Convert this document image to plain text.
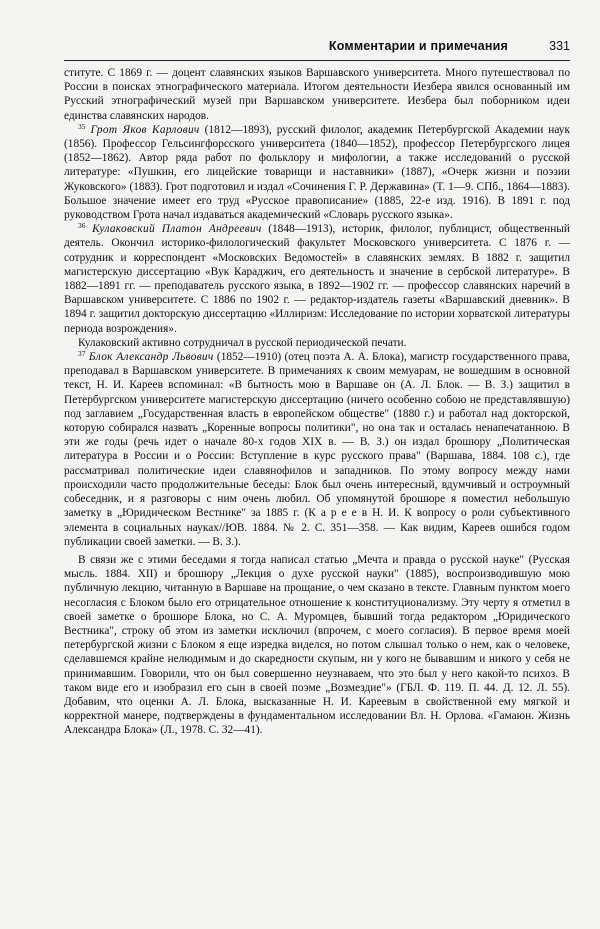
Комментарии и примечания	331

ститутe. С 1869 г. — доцент славянских языков Варшавского университета. Много путешествовал по России в поисках этнографического материала. Итогом деятельности Иезбера явился основанный им Русский этнографический музей при Варшавском университете. Иезбера был поборником идеи единства славянских народов.

$^{35}$ Грот Яков Карлович (1812—1893), русский филолог, академик Петербургской Академии наук (1856). Профессор Гельсингфорсского университета (1840—1852), профессор Петербургского лицея (1852—1862). Автор ряда работ по фольклору и мифологии, а также исследований о русской литературе: «Пушкин, его лицейские товарищи и наставники» (1887), «Очерк жизни и поэзии Жуковского» (1883). Грот подготовил и издал «Сочинения Г. Р. Державина» (Т. 1—9. СПб., 1864—1883). Большое значение имеет его труд «Русское правописание» (1885, 22-е изд. 1916). В 1891 г. под руководством Грота начал издаваться академический «Словарь русского языка».

$^{36}$ Кулаковский Платон Андреевич (1848—1913), историк, филолог, публицист, общественный деятель. Окончил историко-филологический факультет Московского университета. С 1876 г. — сотрудник и корреспондент «Московских Ведомостей» в славянских землях. В 1882 г. защитил магистерскую диссертацию «Вук Караджич, его деятельность и значение в сербской литературе». В 1882—1891 гг. — преподаватель русского языка, в 1892—1902 гг. — профессор славянских наречий в Варшавском университете. С 1886 по 1902 г. — редактор-издатель газеты «Варшавский дневник». В 1894 г. защитил докторскую диссертацию «Иллиризм: Исследование по истории хорватской литературы периода возрождения».

Кулаковский активно сотрудничал в русской периодической печати.

$^{37}$ Блок Александр Львович (1852—1910) (отец поэта А. А. Блока), магистр государственного права, преподавал в Варшавском университете. В примечаниях к своим мемуарам, не вошедшим в основной текст, Н. И. Кареев вспоминал: «В бытность мою в Варшаве он (А. Л. Блок. — В. З.) защитил в Петербургском университете магистерскую диссертацию (ничего особенно собою не представлявшую) под заглавием „Государственная власть в европейском обществе" (1880 г.) и работал над докторской, которую собирался назвать „Коренные вопросы политики", но она так и осталась ненапечатанною. В эти же годы (речь идет о начале 80-х годов XIX в. — В. З.) он издал брошюру „Политическая литература в России и о России: Вступление в курс русского права" (Варшава, 1884. 108 с.), где рассматривал политические идеи славянофилов и западников. По этому вопросу между нами происходили часто продолжительные беседы: Блок был очень интересный, вдумчивый и остроумный собеседник, и я разговоры с ним очень любил. Об упомянутой брошюре я поместил небольшую заметку в „Юридическом Вестнике" за 1885 г. (К а р е е в Н. И. К вопросу о роли субъективного элемента в социальных науках//ЮВ. 1884. № 2. С. 351—358. — Как видим, Кареев ошибся годом публикации своей заметки. — В. З.).

В связи же с этими беседами я тогда написал статью „Мечта и правда о русской науке" (Русская мысль. 1884. XII) и брошюру „Лекция о духе русской науки" (1885), воспроизводившую мою публичную лекцию, читанную в Варшаве на прощание, о чем сказано в тексте. Главным пунктом моего несогласия с Блоком было его отрицательное отношение к конституционализму. Эту черту я отметил в своей заметке о брошюре Блока, но С. А. Муромцев, бывший тогда редактором „Юридического Вестника", строку об этом из заметки исключил (впрочем, с моего согласия). В первое время моей петербургской жизни с Блоком я еще изредка виделся, но потом слышал только о нем, как о человеке, сделавшемся крайне нелюдимым и до скаредности скупым, ни у кого не бывавшим и никого у себя не принимавшим. Говорили, что он был совершенно неузнаваем, что это был у него какой-то психоз. В таком виде его и изобразил его сын в своей поэме „Возмездие"» (ГБЛ. Ф. 119. П. 44. Д. 12. Л. 55). Добавим, что оценки А. Л. Блока, высказанные Н. И. Кареевым в свойственной ему мягкой и корректной манере, подтверждены в фундаментальном исследовании Вл. Н. Орлова. «Гамаюн. Жизнь Александра Блока» (Л., 1978. С. 32—41).
